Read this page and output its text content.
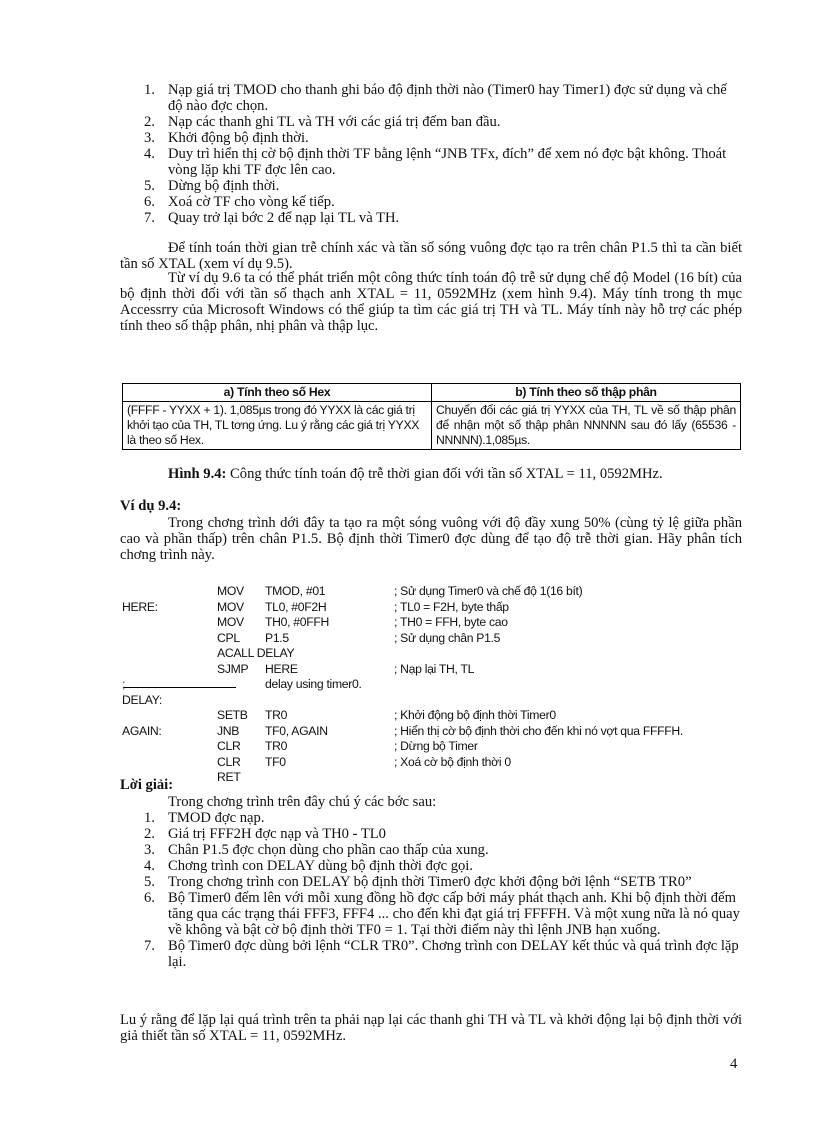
1. Nạp giá trị TMOD cho thanh ghi báo độ định thời nào (Timer0 hay Timer1) đợc sử dụng và chế độ nào đợc chọn.
2. Nạp các thanh ghi TL và TH với các giá trị đếm ban đầu.
3. Khởi động bộ định thời.
4. Duy trì hiển thị cờ bộ định thời TF bằng lệnh “JNB TFx, đích” để xem nó đợc bật không. Thoát vòng lặp khi TF đợc lên cao.
5. Dừng bộ định thời.
6. Xoá cờ TF cho vòng kế tiếp.
7. Quay trở lại bớc 2 để nạp lại TL và TH.
Để tính toán thời gian trễ chính xác và tần số sóng vuông đợc tạo ra trên chân P1.5 thì ta cần biết tần số XTAL (xem ví dụ 9.5).
Từ ví dụ 9.6 ta có thể phát triển một công thức tính toán độ trễ sử dụng chế độ Model (16 bít) của bộ định thời đối với tần số thạch anh XTAL = 11, 0592MHz (xem hình 9.4). Máy tính trong th mục Accessrry của Microsoft Windows có thể giúp ta tìm các giá trị TH và TL. Máy tính này hỗ trợ các phép tính theo số thập phân, nhị phân và thập lục.
a) Tính theo số Hex	b) Tính theo số thập phân
(FFFF - YYXX + 1). 1,085µs trong đó YYXX là các giá trị khởi tạo của TH, TL tơng ứng. Lu ý rằng các giá trị YYXX là theo số Hex.	Chuyển đổi các giá trị YYXX của TH, TL về số thập phân để nhận một số thập phân NNNNN sau đó lấy (65536 - NNNNN).1,085µs.
Hình 9.4: Công thức tính toán độ trễ thời gian đối với tần số XTAL = 11, 0592MHz.
Ví dụ 9.4:
Trong chơng trình dới đây ta tạo ra một sóng vuông với độ đầy xung 50% (cùng tỷ lệ giữa phần cao và phần thấp) trên chân P1.5. Bộ định thời Timer0 đợc dùng để tạo độ trễ thời gian. Hãy phân tích chơng trình này.
MOV TMOD, #01	; Sử dụng Timer0 và chế độ 1(16 bít)
HERE:	MOV TL0, #0F2H	; TL0 = F2H, byte thấp
MOV TH0, #0FFH	; TH0 = FFH, byte cao
CPL P1.5	; Sử dụng chân P1.5
ACALL DELAY
SJMP HERE	; Nạp lại TH, TL
;	delay using timer0.
DELAY:
SETB TR0	; Khởi động bộ định thời Timer0
AGAIN:	JNB TF0, AGAIN	; Hiển thị cờ bộ định thời cho đến khi nó vợt qua FFFFH.
CLR TR0	; Dừng bộ Timer
CLR TF0	; Xoá cờ bộ định thời 0
RET
Lời giải:
Trong chơng trình trên đây chú ý các bớc sau:
1. TMOD đợc nạp.
2. Giá trị FFF2H đợc nạp và TH0 - TL0
3. Chân P1.5 đợc chọn dùng cho phần cao thấp của xung.
4. Chơng trình con DELAY dùng bộ định thời đợc gọi.
5. Trong chơng trình con DELAY bộ định thời Timer0 đợc khởi động bởi lệnh “SETB TR0”
6. Bộ Timer0 đếm lên với mỗi xung đồng hồ đợc cấp bởi máy phát thạch anh. Khi bộ định thời đếm tăng qua các trạng thái FFF3, FFF4 ... cho đến khi đạt giá trị FFFFH. Và một xung nữa là nó quay về không và bật cờ bộ định thời TF0 = 1. Tại thời điểm này thì lệnh JNB hạn xuống.
7. Bộ Timer0 đợc dùng bởi lệnh “CLR TR0”. Chơng trình con DELAY kết thúc và quá trình đợc lặp lại.
Lu ý rằng để lặp lại quá trình trên ta phải nạp lại các thanh ghi TH và TL và khởi động lại bộ định thời với giả thiết tần số XTAL = 11, 0592MHz.
4
